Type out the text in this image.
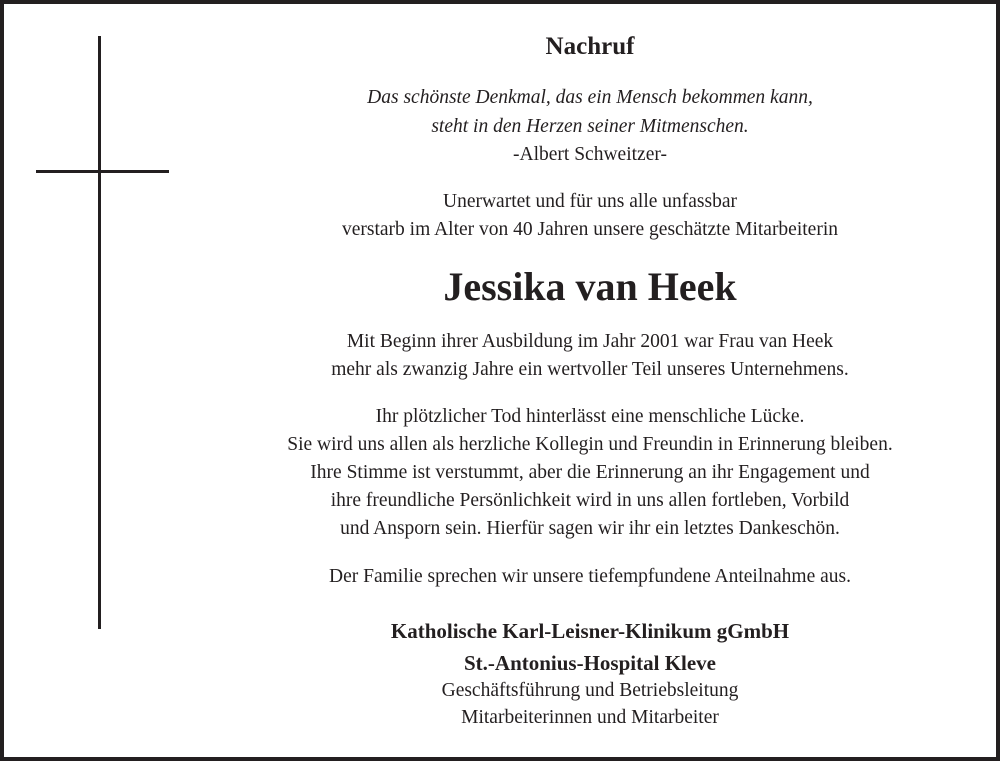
Nachruf
Das schönste Denkmal, das ein Mensch bekommen kann,
steht in den Herzen seiner Mitmenschen.
-Albert Schweitzer-
Unerwartet und für uns alle unfassbar
verstarb im Alter von 40 Jahren unsere geschätzte Mitarbeiterin
Jessika van Heek
Mit Beginn ihrer Ausbildung im Jahr 2001 war Frau van Heek
mehr als zwanzig Jahre ein wertvoller Teil unseres Unternehmens.
Ihr plötzlicher Tod hinterlässt eine menschliche Lücke.
Sie wird uns allen als herzliche Kollegin und Freundin in Erinnerung bleiben.
Ihre Stimme ist verstummt, aber die Erinnerung an ihr Engagement und
ihre freundliche Persönlichkeit wird in uns allen fortleben, Vorbild
und Ansporn sein. Hierfür sagen wir ihr ein letztes Dankeschön.
Der Familie sprechen wir unsere tiefempfundene Anteilnahme aus.
Katholische Karl-Leisner-Klinikum gGmbH
St.-Antonius-Hospital Kleve
Geschäftsführung und Betriebsleitung
Mitarbeiterinnen und Mitarbeiter
